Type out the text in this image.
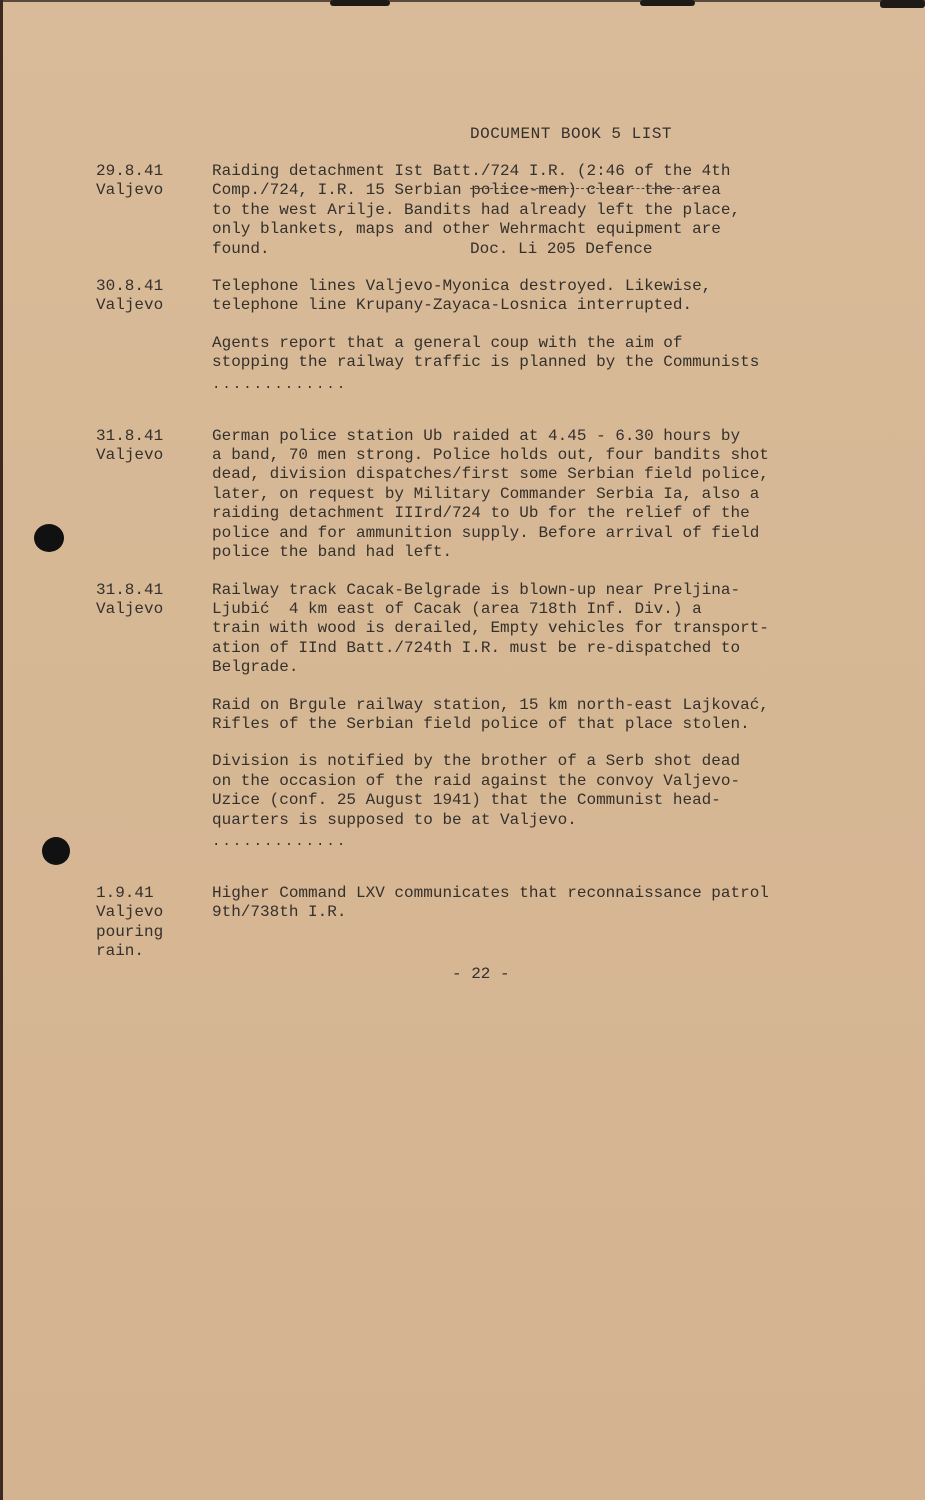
DOCUMENT BOOK 5 LIST

Doc. Li 205 Defence

29.8.41
Valjevo
Raiding detachment Ist Batt./724 I.R. (2:46 of the 4th
Comp./724, I.R. 15 Serbian police-men) clear the area
to the west Arilje. Bandits had already left the place,
only blankets, maps and other Wehrmacht equipment are
found.
30.8.41
Valjevo
Telephone lines Valjevo-Myonica destroyed. Likewise,
telephone line Krupany-Zayaca-Losnica interrupted.
Agents report that a general coup with the aim of
stopping the railway traffic is planned by the Communists
.............
31.8.41
Valjevo
German police station Ub raided at 4.45 - 6.30 hours by
a band, 70 men strong. Police holds out, four bandits shot
dead, division dispatches/first some Serbian field police,
later, on request by Military Commander Serbia Ia, also a
raiding detachment IIIrd/724 to Ub for the relief of the
police and for ammunition supply. Before arrival of field
police the band had left.
31.8.41
Valjevo
Railway track Cacak-Belgrade is blown-up near Preljina-
Ljubić  4 km east of Cacak (area 718th Inf. Div.) a
train with wood is derailed, Empty vehicles for transport-
ation of IInd Batt./724th I.R. must be re-dispatched to
Belgrade.
Raid on Brgule railway station, 15 km north-east Lajkovać,
Rifles of the Serbian field police of that place stolen.
Division is notified by the brother of a Serb shot dead
on the occasion of the raid against the convoy Valjevo-
Uzice (conf. 25 August 1941) that the Communist head-
quarters is supposed to be at Valjevo.
.............
1.9.41
Valjevo
pouring
rain.
Higher Command LXV communicates that reconnaissance patrol
9th/738th I.R.
- 22 -
